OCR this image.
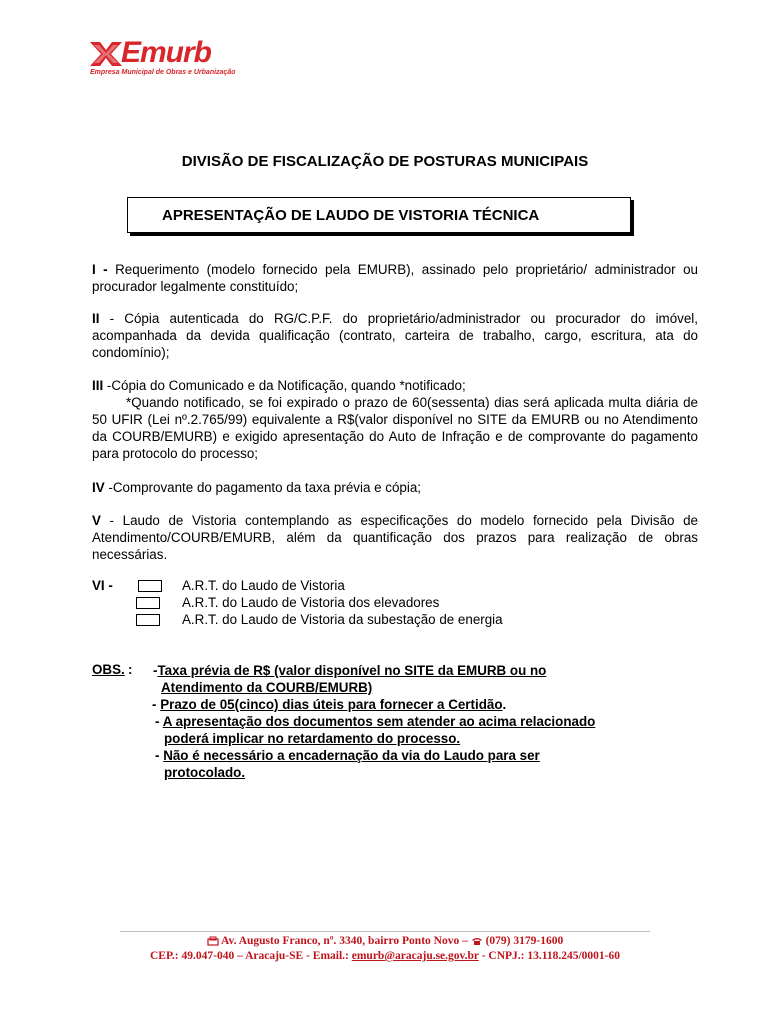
Emurb
Empresa Municipal de Obras e Urbanização
DIVISÃO DE FISCALIZAÇÃO DE POSTURAS MUNICIPAIS
APRESENTAÇÃO DE LAUDO DE VISTORIA TÉCNICA
I - Requerimento (modelo fornecido pela EMURB), assinado pelo proprietário/ administrador ou procurador legalmente constituído;
II - Cópia autenticada do RG/C.P.F. do proprietário/administrador ou procurador do imóvel, acompanhada da devida qualificação (contrato, carteira de trabalho, cargo, escritura, ata do condomínio);
III -Cópia do Comunicado e da Notificação, quando *notificado;
*Quando notificado, se foi expirado o prazo de 60(sessenta) dias será aplicada multa diária de 50 UFIR (Lei nº.2.765/99) equivalente a R$(valor disponível no SITE da EMURB ou no Atendimento da COURB/EMURB) e exigido apresentação do Auto de Infração e de comprovante do pagamento para protocolo do processo;
IV -Comprovante do pagamento da taxa prévia e cópia;
V - Laudo de Vistoria contemplando as especificações do modelo fornecido pela Divisão de Atendimento/COURB/EMURB, além da quantificação dos prazos para realização de obras necessárias.
VI -	A.R.T. do Laudo de Vistoria
A.R.T. do Laudo de Vistoria dos elevadores
A.R.T. do Laudo de Vistoria da subestação de energia
OBS. : -Taxa prévia de R$ (valor disponível no SITE da EMURB ou no
Atendimento da COURB/EMURB)
- Prazo de 05(cinco) dias úteis para fornecer a Certidão.
- A apresentação dos documentos sem atender ao acima relacionado
poderá implicar no retardamento do processo.
- Não é necessário a encadernação da via do Laudo para ser
protocolado.
Av. Augusto Franco, nº. 3340, bairro Ponto Novo – (079) 3179-1600
CEP.: 49.047-040 – Aracaju-SE - Email.: emurb@aracaju.se.gov.br - CNPJ.: 13.118.245/0001-60
